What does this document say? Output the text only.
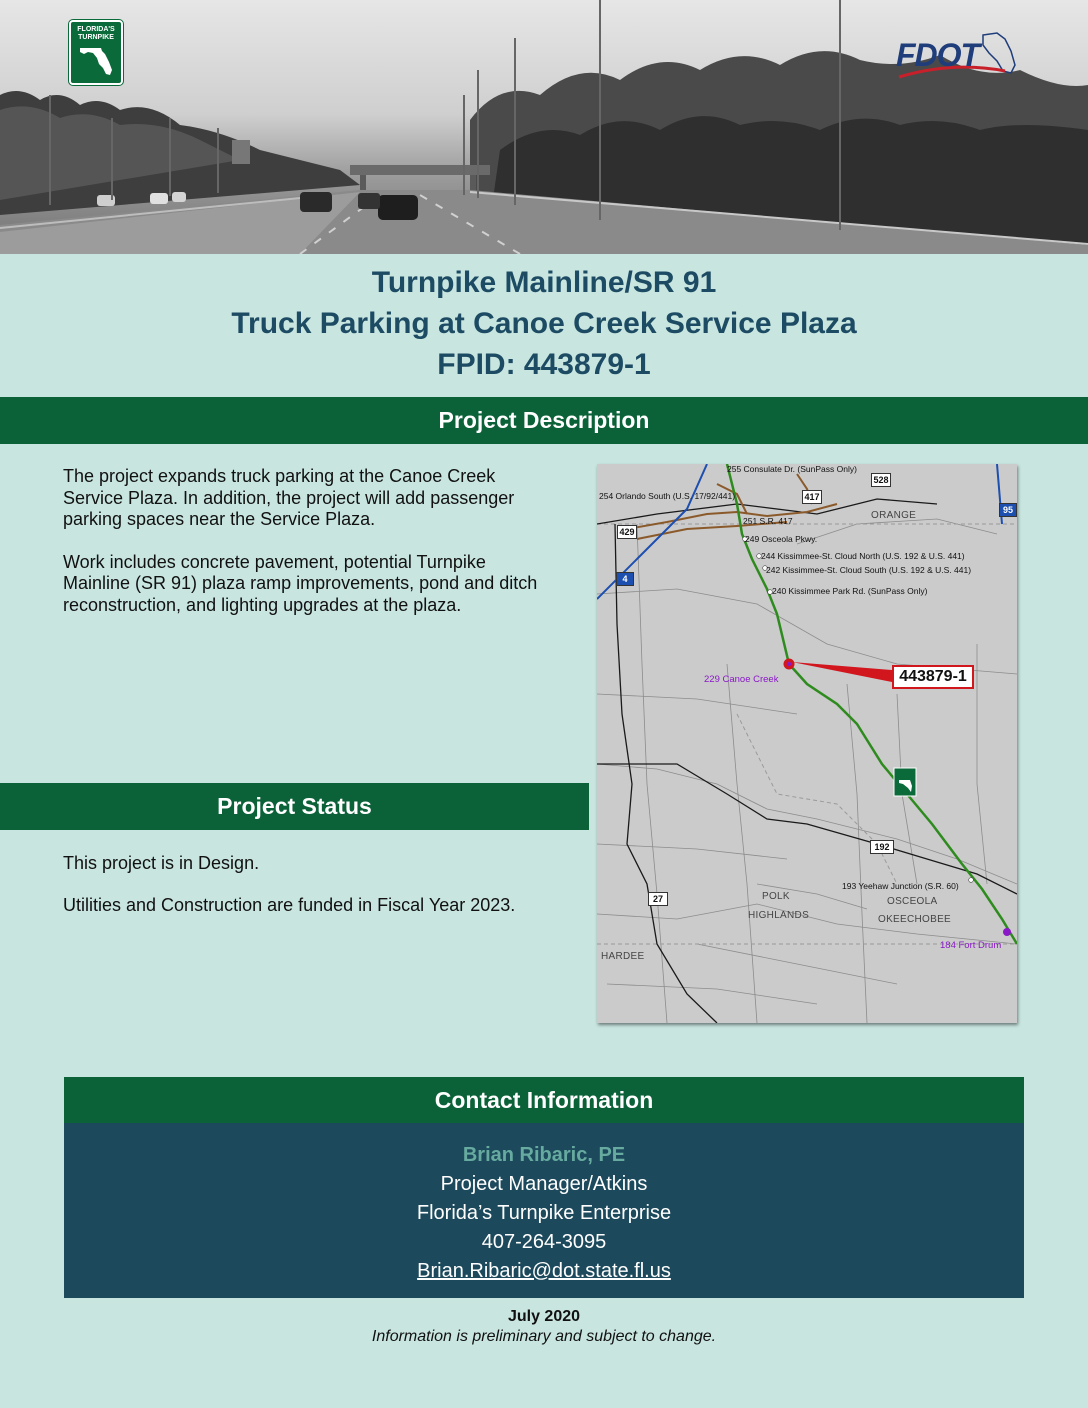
FLORIDA'S
TURNPIKE	FDOT
Turnpike Mainline/SR 91
Truck Parking at Canoe Creek Service Plaza
FPID: 443879-1
Project Description

The project expands truck parking at the Canoe Creek Service Plaza. In addition, the project will add passenger parking spaces near the Service Plaza.

Work includes concrete pavement, potential Turnpike Mainline (SR 91) plaza ramp improvements, pond and ditch reconstruction, and lighting upgrades at the plaza.

Project Status

This project is in Design.

Utilities and Construction are funded in Fiscal Year 2023.

255 Consulate Dr. (SunPass Only)
254 Orlando South (U.S. 17/92/441)
251 S.R. 417
249 Osceola Pkwy.
244 Kissimmee-St. Cloud North (U.S. 192 & U.S. 441)
242 Kissimmee-St. Cloud South (U.S. 192 & U.S. 441)
240 Kissimmee Park Rd. (SunPass Only)
193 Yeehaw Junction (S.R. 60)
229 Canoe Creek
184 Fort Drum
443879-1
ORANGE
POLK
HIGHLANDS
OSCEOLA
OKEECHOBEE
HARDEE
528
417
429
4
95
192
27
Contact Information
Brian Ribaric, PE
Project Manager/Atkins
Florida’s Turnpike Enterprise
407-264-3095
Brian.Ribaric@dot.state.fl.us
July 2020
Information is preliminary and subject to change.
